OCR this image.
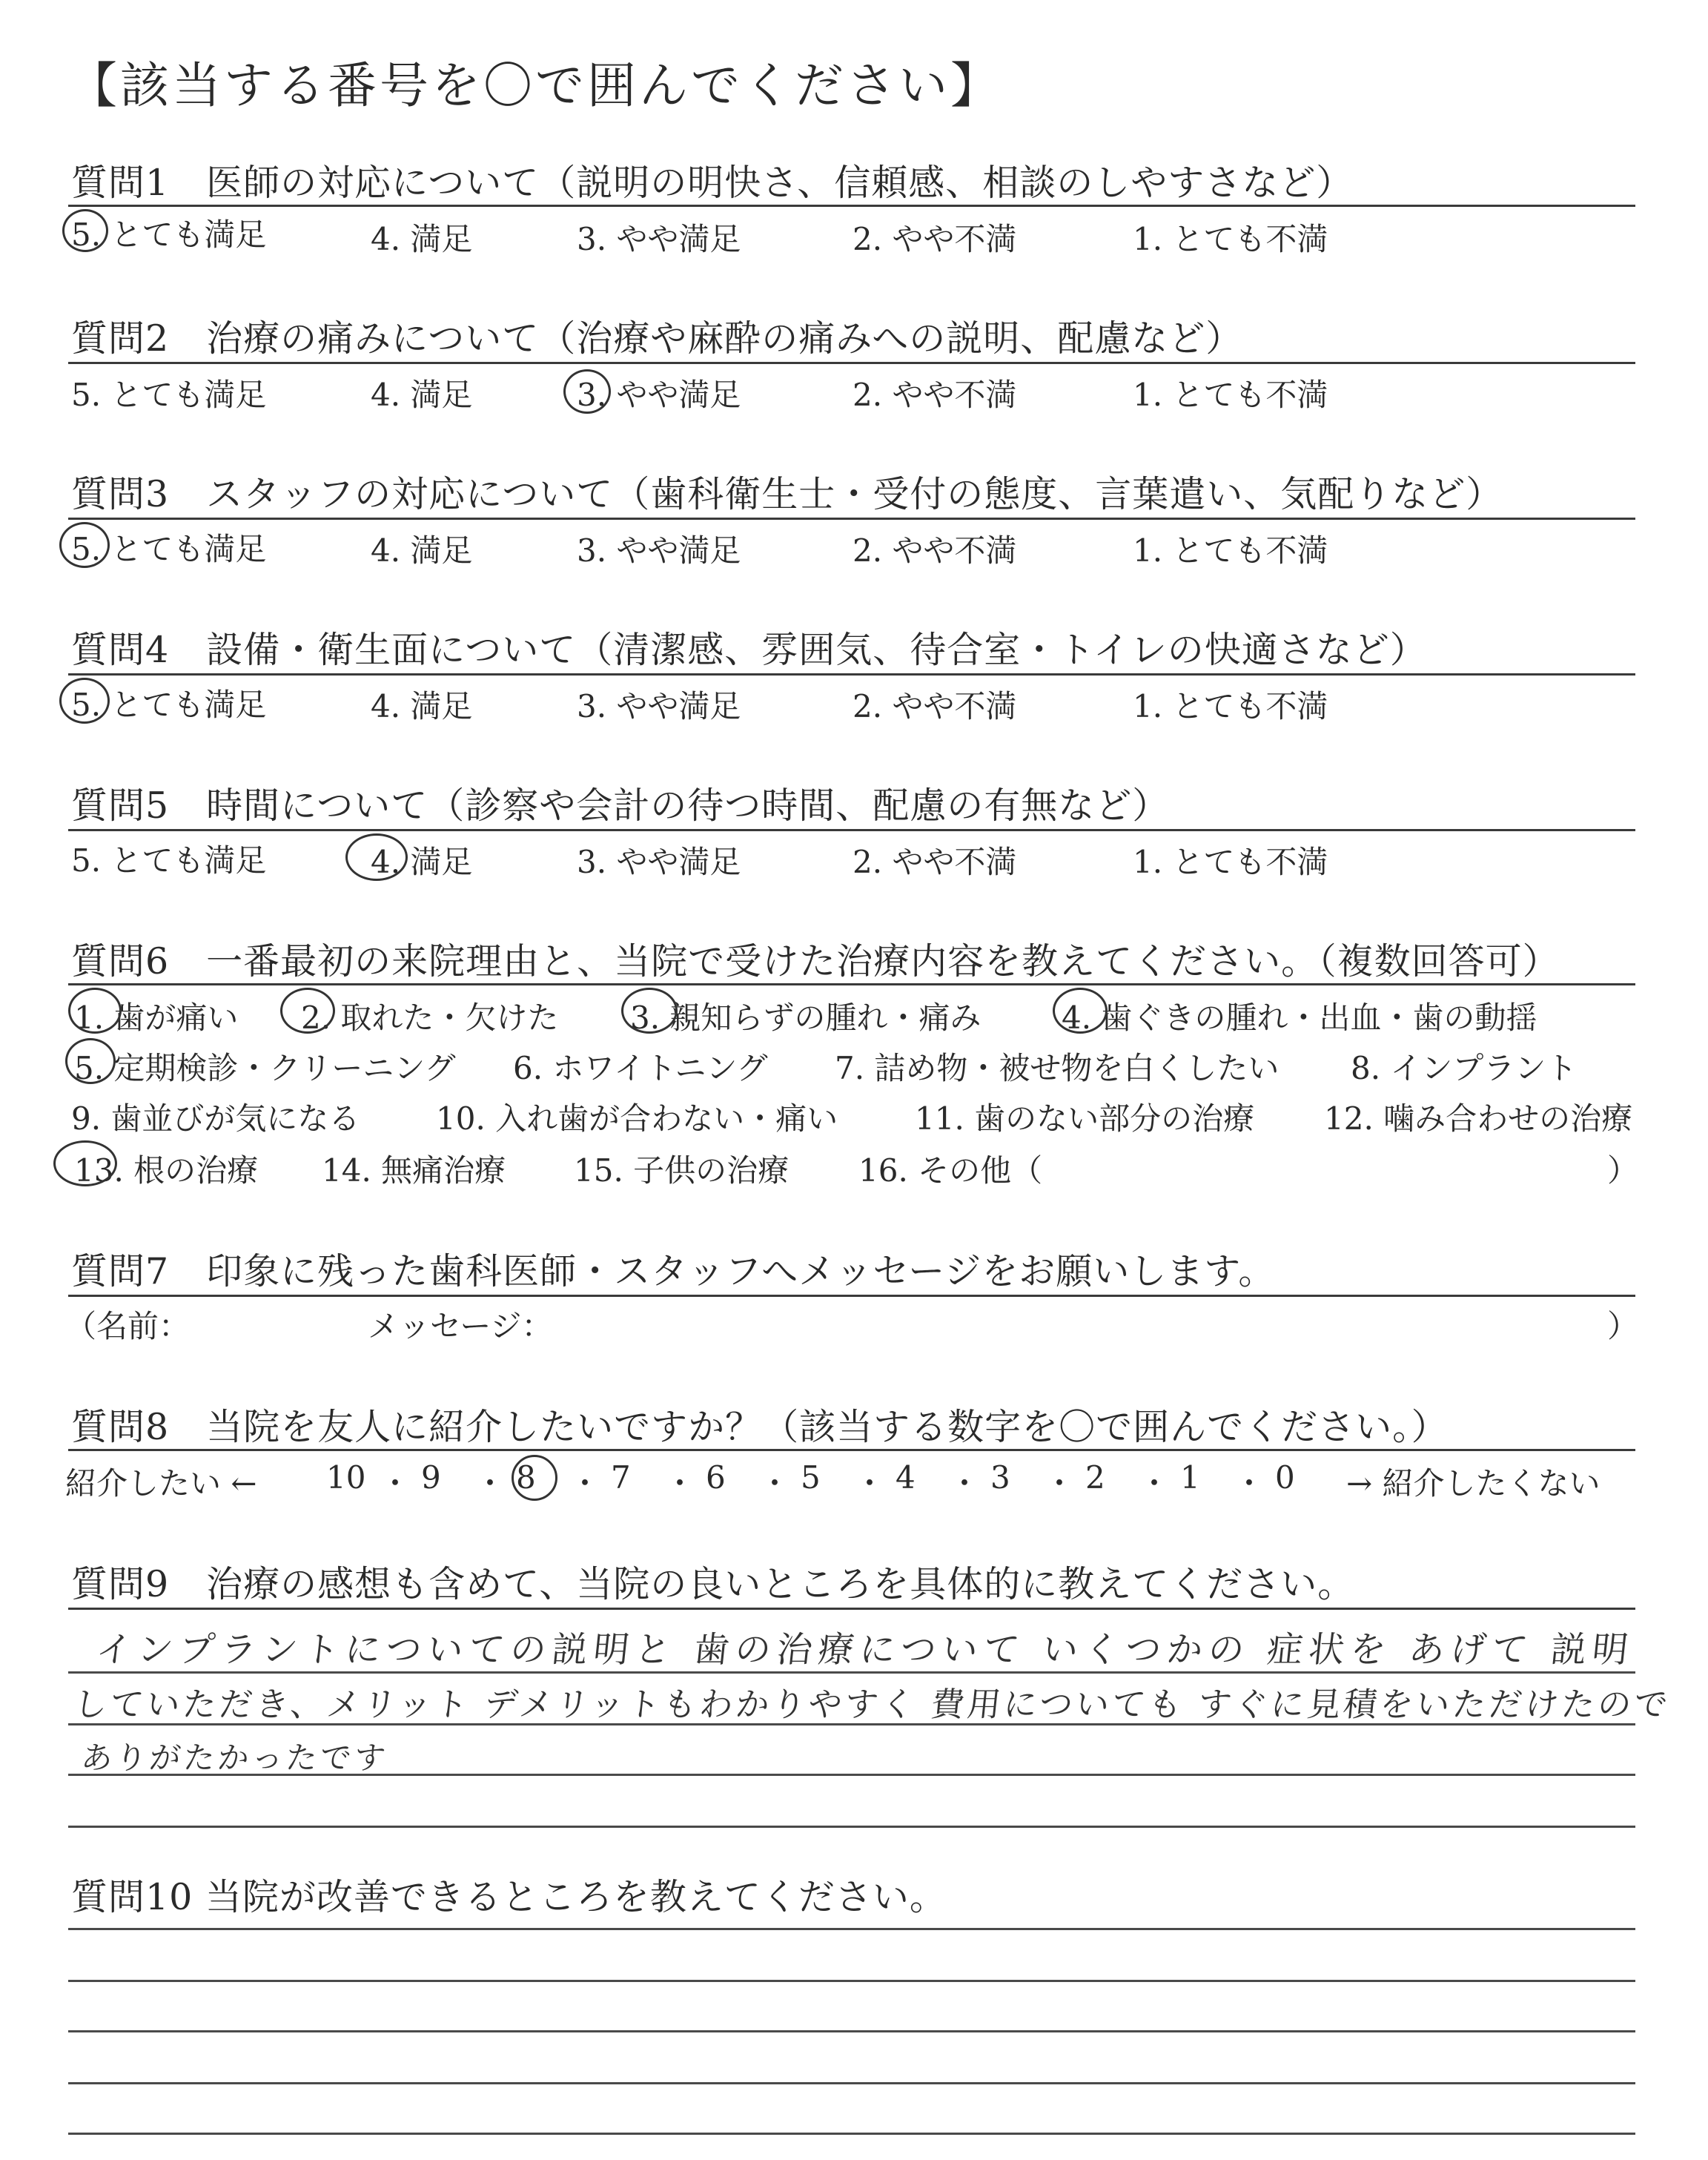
【該当する番号を〇で囲んでください】
質問1　医師の対応について（説明の明快さ、信頼感、相談のしやすさなど）
5. とても満足	4. 満足	3. やや満足	2. やや不満	1. とても不満
質問2　治療の痛みについて（治療や麻酔の痛みへの説明、配慮など）
5. とても満足	4. 満足	3. やや満足	2. やや不満	1. とても不満
質問3　スタッフの対応について（歯科衛生士・受付の態度、言葉遣い、気配りなど）
5. とても満足	4. 満足	3. やや満足	2. やや不満	1. とても不満
質問4　設備・衛生面について（清潔感、雰囲気、待合室・トイレの快適さなど）
5. とても満足	4. 満足	3. やや満足	2. やや不満	1. とても不満
質問5　時間について（診察や会計の待つ時間、配慮の有無など）
5. とても満足	4. 満足	3. やや満足	2. やや不満	1. とても不満
質問6　一番最初の来院理由と、当院で受けた治療内容を教えてください。（複数回答可）
1. 歯が痛い 2. 取れた・欠けた 3. 親知らずの腫れ・痛み	4. 歯ぐきの腫れ・出血・歯の動揺
5. 定期検診・クリーニング 6. ホワイトニング 7. 詰め物・被せ物を白くしたい 8. インプラント
9. 歯並びが気になる 10. 入れ歯が合わない・痛い 11. 歯のない部分の治療 12. 噛み合わせの治療
13. 根の治療 14. 無痛治療 15. 子供の治療 16. その他（	）
質問7　印象に残った歯科医師・スタッフへメッセージをお願いします。
（名前：	メッセージ：	）
質問8　当院を友人に紹介したいですか？（該当する数字を〇で囲んでください。）
紹介したい ← 10 ・ 9 ・ 8 ・ 7 ・ 6 ・ 5 ・ 4 ・ 3 ・ 2 ・ 1 ・ 0 → 紹介したくない
質問9　治療の感想も含めて、当院の良いところを具体的に教えてください。
インプラントについての説明と 歯の治療について いくつかの 症状を あげて 説明
していただき、メリット デメリットもわかりやすく 費用についても すぐに見積をいただけたので
ありがたかったです
質問10 当院が改善できるところを教えてください。
